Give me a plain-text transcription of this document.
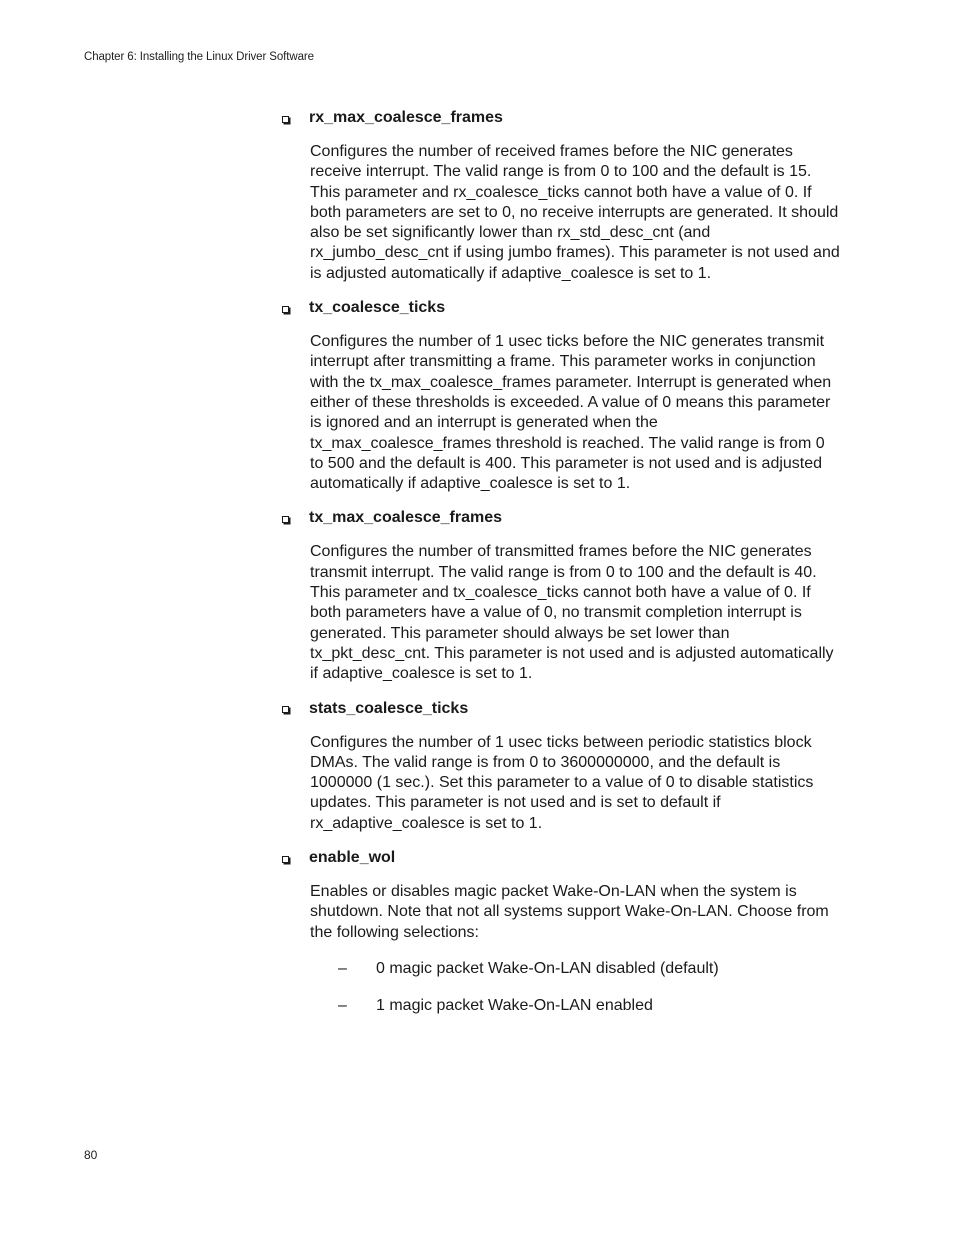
Chapter 6: Installing the Linux Driver Software
rx_max_coalesce_frames

Configures the number of received frames before the NIC generates receive interrupt. The valid range is from 0 to 100 and the default is 15. This parameter and rx_coalesce_ticks cannot both have a value of 0. If both parameters are set to 0, no receive interrupts are generated. It should also be set significantly lower than rx_std_desc_cnt (and rx_jumbo_desc_cnt if using jumbo frames). This parameter is not used and is adjusted automatically if adaptive_coalesce is set to 1.

tx_coalesce_ticks

Configures the number of 1 usec ticks before the NIC generates transmit interrupt after transmitting a frame. This parameter works in conjunction with the tx_max_coalesce_frames parameter. Interrupt is generated when either of these thresholds is exceeded. A value of 0 means this parameter is ignored and an interrupt is generated when the tx_max_coalesce_frames threshold is reached. The valid range is from 0 to 500 and the default is 400. This parameter is not used and is adjusted automatically if adaptive_coalesce is set to 1.

tx_max_coalesce_frames

Configures the number of transmitted frames before the NIC generates transmit interrupt. The valid range is from 0 to 100 and the default is 40. This parameter and tx_coalesce_ticks cannot both have a value of 0. If both parameters have a value of 0, no transmit completion interrupt is generated. This parameter should always be set lower than tx_pkt_desc_cnt. This parameter is not used and is adjusted automatically if adaptive_coalesce is set to 1.

stats_coalesce_ticks

Configures the number of 1 usec ticks between periodic statistics block DMAs. The valid range is from 0 to 3600000000, and the default is 1000000 (1 sec.). Set this parameter to a value of 0 to disable statistics updates. This parameter is not used and is set to default if rx_adaptive_coalesce is set to 1.

enable_wol

Enables or disables magic packet Wake-On-LAN when the system is shutdown. Note that not all systems support Wake-On-LAN. Choose from the following selections:

–	0 magic packet Wake-On-LAN disabled (default)
–	1 magic packet Wake-On-LAN enabled
80
